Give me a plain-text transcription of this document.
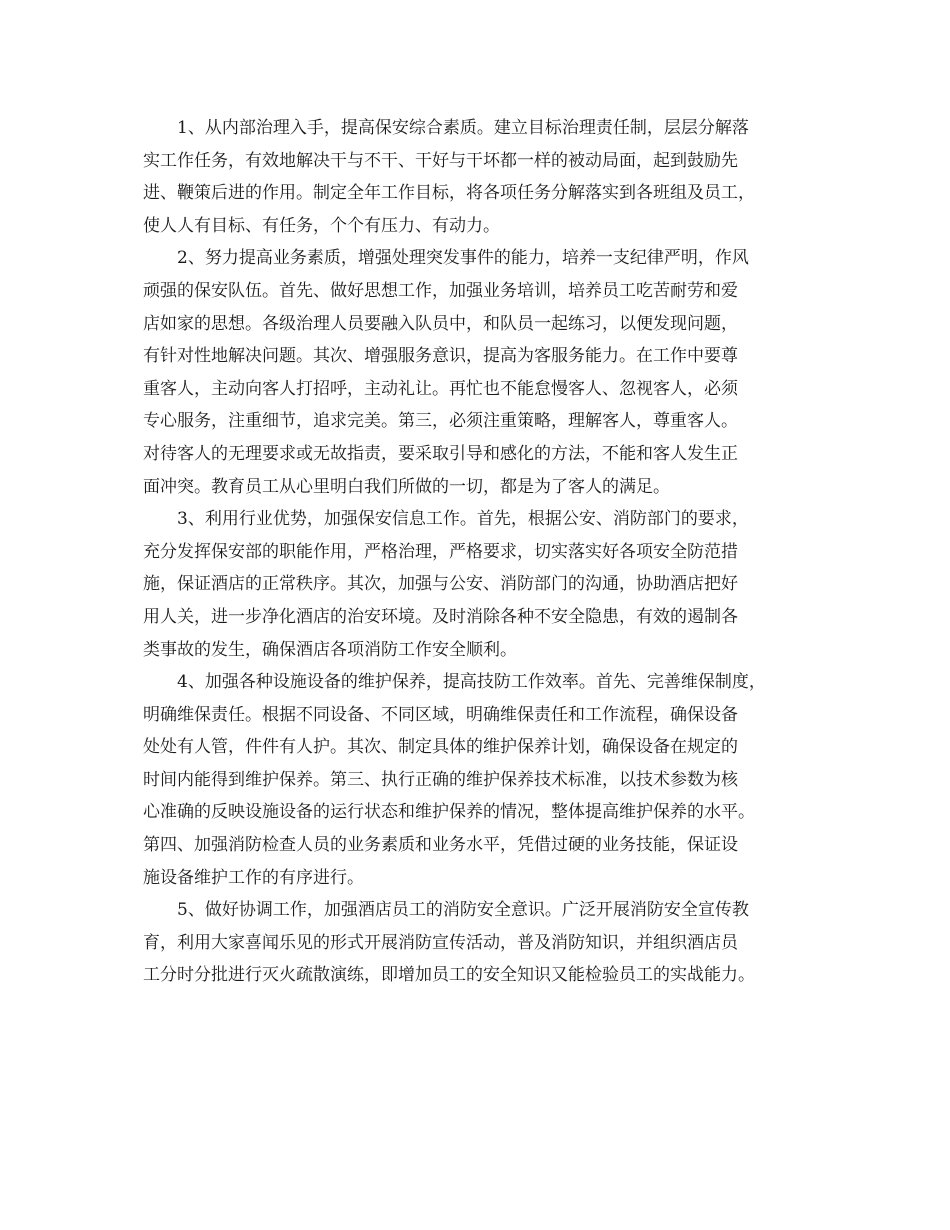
1、从内部治理入手，提高保安综合素质。建立目标治理责任制，层层分解落
实工作任务，有效地解决干与不干、干好与干坏都一样的被动局面，起到鼓励先
进、鞭策后进的作用。制定全年工作目标，将各项任务分解落实到各班组及员工，
使人人有目标、有任务，个个有压力、有动力。
2、努力提高业务素质，增强处理突发事件的能力，培养一支纪律严明，作风
顽强的保安队伍。首先、做好思想工作，加强业务培训，培养员工吃苦耐劳和爱
店如家的思想。各级治理人员要融入队员中，和队员一起练习，以便发现问题，
有针对性地解决问题。其次、增强服务意识，提高为客服务能力。在工作中要尊
重客人，主动向客人打招呼，主动礼让。再忙也不能怠慢客人、忽视客人，必须
专心服务，注重细节，追求完美。第三，必须注重策略，理解客人，尊重客人。
对待客人的无理要求或无故指责，要采取引导和感化的方法，不能和客人发生正
面冲突。教育员工从心里明白我们所做的一切，都是为了客人的满足。
3、利用行业优势，加强保安信息工作。首先，根据公安、消防部门的要求，
充分发挥保安部的职能作用，严格治理，严格要求，切实落实好各项安全防范措
施，保证酒店的正常秩序。其次，加强与公安、消防部门的沟通，协助酒店把好
用人关，进一步净化酒店的治安环境。及时消除各种不安全隐患，有效的遏制各
类事故的发生，确保酒店各项消防工作安全顺利。
4、加强各种设施设备的维护保养，提高技防工作效率。首先、完善维保制度，
明确维保责任。根据不同设备、不同区域，明确维保责任和工作流程，确保设备
处处有人管，件件有人护。其次、制定具体的维护保养计划，确保设备在规定的
时间内能得到维护保养。第三、执行正确的维护保养技术标准，以技术参数为核
心准确的反映设施设备的运行状态和维护保养的情况，整体提高维护保养的水平。
第四、加强消防检查人员的业务素质和业务水平，凭借过硬的业务技能，保证设
施设备维护工作的有序进行。
5、做好协调工作，加强酒店员工的消防安全意识。广泛开展消防安全宣传教
育，利用大家喜闻乐见的形式开展消防宣传活动，普及消防知识，并组织酒店员
工分时分批进行灭火疏散演练，即增加员工的安全知识又能检验员工的实战能力。
